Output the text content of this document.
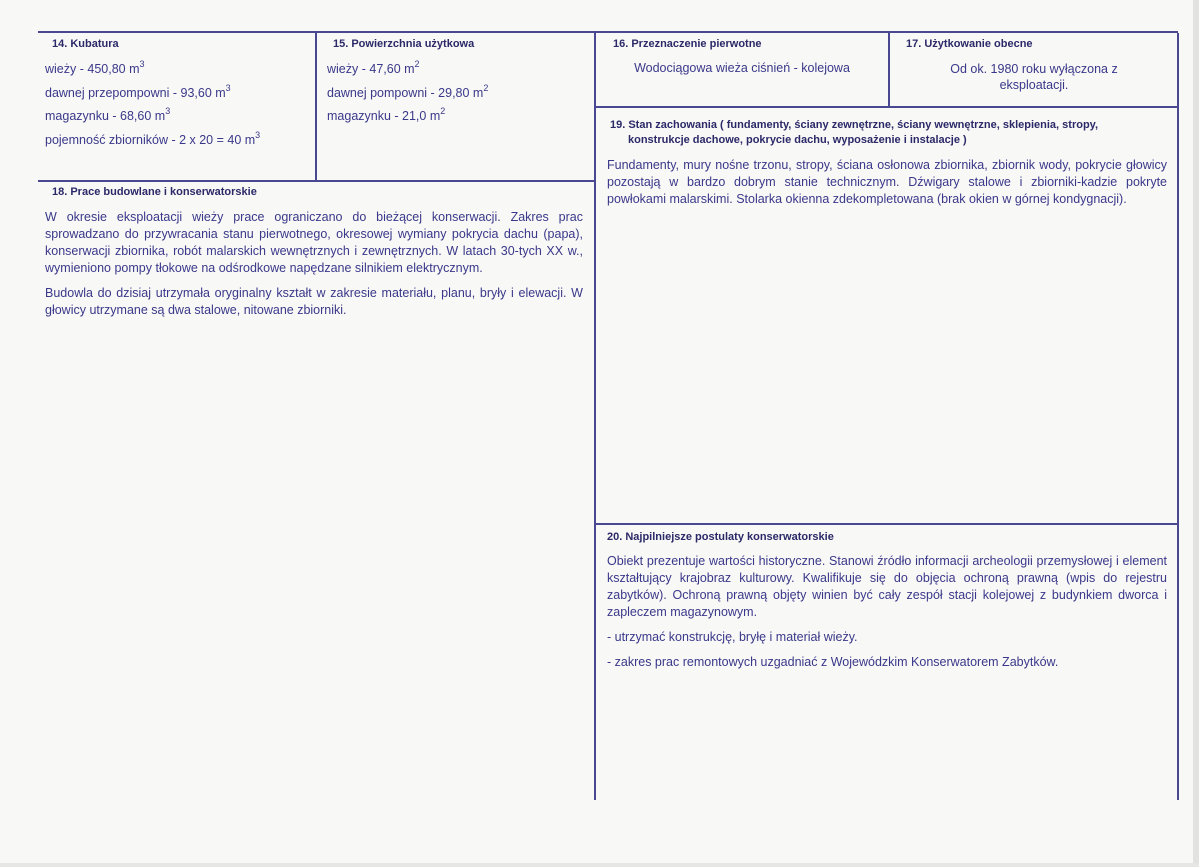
14. Kubatura
wieży - 450,80 $m^3$
dawnej przepompowni - 93,60 $m^3$
magazynku - 68,60 $m^3$
pojemność zbiorników - 2 x 20 = 40 $m^3$
15. Powierzchnia użytkowa
wieży - 47,60 $m^2$
dawnej pompowni - 29,80 $m^2$
magazynku - 21,0 $m^2$
16. Przeznaczenie pierwotne
Wodociągowa wieża ciśnień - kolejowa
17. Użytkowanie obecne
Od ok. 1980 roku wyłączona z
eksploatacji.
18. Prace budowlane i konserwatorskie

W okresie eksploatacji wieży prace ograniczano do bieżącej konserwacji. Zakres prac sprowadzano do przywracania stanu pierwotnego, okresowej wymiany pokrycia dachu (papa), konserwacji zbiornika, robót malarskich wewnętrznych i zewnętrznych. W latach 30-tych XX w., wymieniono pompy tłokowe na odśrodkowe napędzane silnikiem elektrycznym.

Budowla do dzisiaj utrzymała oryginalny kształt w zakresie materiału, planu, bryły i elewacji. W głowicy utrzymane są dwa stalowe, nitowane zbiorniki.

19. Stan zachowania ( fundamenty, ściany zewnętrzne, ściany wewnętrzne, sklepienia, stropy,
konstrukcje dachowe, pokrycie dachu, wyposażenie i instalacje )

Fundamenty, mury nośne trzonu, stropy, ściana osłonowa zbiornika, zbiornik wody, pokrycie głowicy pozostają w bardzo dobrym stanie technicznym. Dźwigary stalowe i zbiorniki-kadzie pokryte powłokami malarskimi. Stolarka okienna zdekompletowana (brak okien w górnej kondygnacji).

20. Najpilniejsze postulaty konserwatorskie

Obiekt prezentuje wartości historyczne. Stanowi źródło informacji archeologii przemysłowej i element kształtujący krajobraz kulturowy. Kwalifikuje się do objęcia ochroną prawną (wpis do rejestru zabytków). Ochroną prawną objęty winien być cały zespół stacji kolejowej z budynkiem dworca i zapleczem magazynowym.

- utrzymać konstrukcję, bryłę i materiał wieży.

- zakres prac remontowych uzgadniać z Wojewódzkim Konserwatorem Zabytków.
